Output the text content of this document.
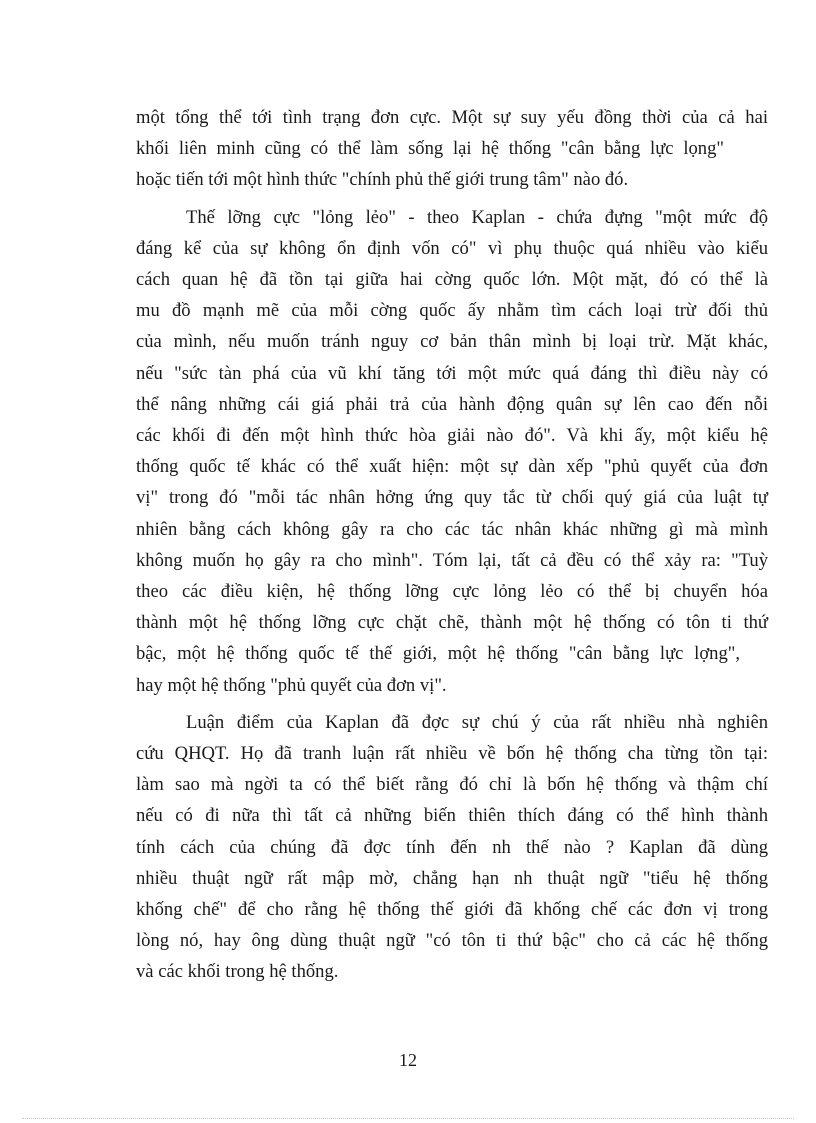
một tổng thể tới tình trạng đơn cực. Một sự suy yếu đồng thời của cả hai
khối liên minh cũng có thể làm sống lại hệ thống "cân bằng lực lọng"
hoặc tiến tới một hình thức "chính phủ thế giới trung tâm" nào đó.
Thế lỡng cực "lỏng lẻo" - theo Kaplan - chứa đựng "một mức độ
đáng kể của sự không ổn định vốn có" vì phụ thuộc quá nhiều vào kiểu
cách quan hệ đã tồn tại giữa hai cờng quốc lớn. Một mặt, đó có thể là
mu đồ mạnh mẽ của mỗi cờng quốc ấy nhằm tìm cách loại trừ đối thủ
của mình, nếu muốn tránh nguy cơ bản thân mình bị loại trừ. Mặt khác,
nếu "sức tàn phá của vũ khí tăng tới một mức quá đáng thì điều này có
thể nâng những cái giá phải trả của hành động quân sự lên cao đến nỗi
các khối đi đến một hình thức hòa giải nào đó". Và khi ấy, một kiểu hệ
thống quốc tế khác có thể xuất hiện: một sự dàn xếp "phủ quyết của đơn
vị" trong đó "mỗi tác nhân hởng ứng quy tắc từ chối quý giá của luật tự
nhiên bằng cách không gây ra cho các tác nhân khác những gì mà mình
không muốn họ gây ra cho mình". Tóm lại, tất cả đều có thể xảy ra: "Tuỳ
theo các điều kiện, hệ thống lỡng cực lỏng lẻo có thể bị chuyển hóa
thành một hệ thống lỡng cực chặt chẽ, thành một hệ thống có tôn ti thứ
bậc, một hệ thống quốc tế thế giới, một hệ thống "cân bằng lực lợng",
hay một hệ thống "phủ quyết của đơn vị".
Luận điểm của Kaplan đã đợc sự chú ý của rất nhiều nhà nghiên
cứu QHQT. Họ đã tranh luận rất nhiều về bốn hệ thống cha từng tồn tại:
làm sao mà ngời ta có thể biết rằng đó chỉ là bốn hệ thống và thậm chí
nếu có đi nữa thì tất cả những biến thiên thích đáng có thể hình thành
tính cách của chúng đã đợc tính đến nh thế nào ? Kaplan đã dùng
nhiều thuật ngữ rất mập mờ, chẳng hạn nh thuật ngữ "tiểu hệ thống
khống chế" để cho rằng hệ thống thế giới đã khống chế các đơn vị trong
lòng nó, hay ông dùng thuật ngữ "có tôn ti thứ bậc" cho cả các hệ thống
và các khối trong hệ thống.
12
